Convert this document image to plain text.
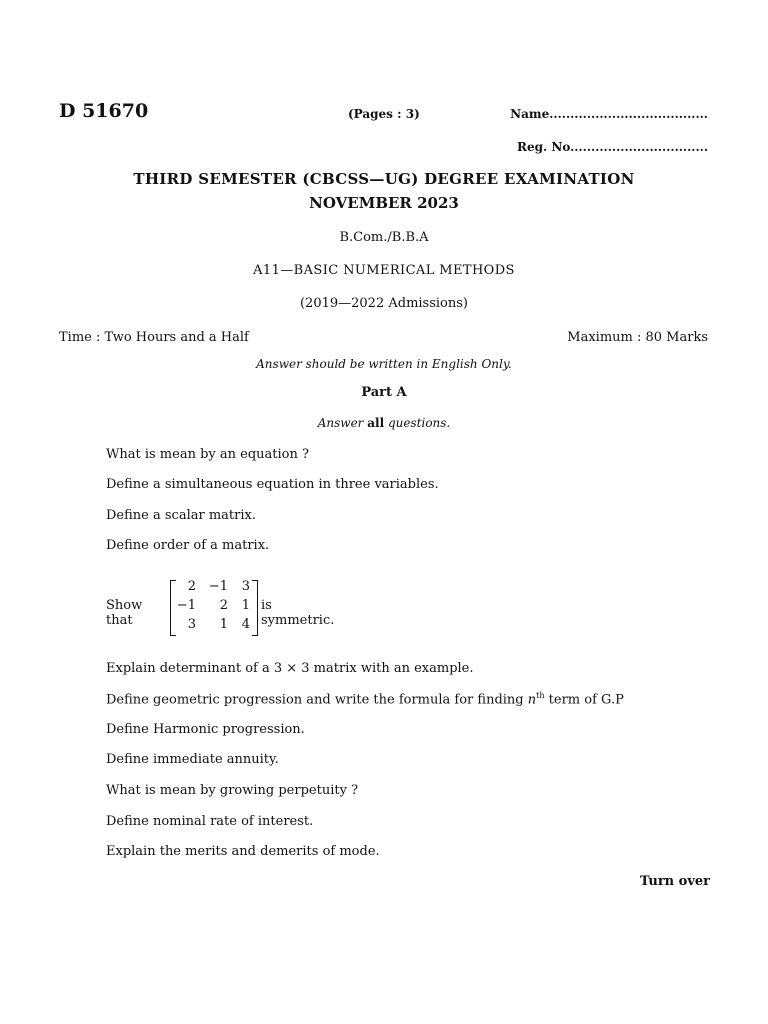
D 51670	(Pages : 3)	Name......................................
Reg. No.................................
THIRD SEMESTER (CBCSS—UG) DEGREE EXAMINATION
NOVEMBER 2023
B.Com./B.B.A
A11—BASIC NUMERICAL METHODS
(2019—2022 Admissions)
Time : Two Hours and a Half	Maximum : 80 Marks
Answer should be written in English Only.
Part A
Answer all questions.
What is mean by an equation ?
Define a simultaneous equation in three variables.
Define a scalar matrix.
Define order of a matrix.
Show that
2 −1	3
−1	2	1
3	1	4
is symmetric.
Explain determinant of a 3 × 3 matrix with an example.
Define geometric progression and write the formula for finding $n^{th}$ term of G.P
Define Harmonic progression.
Define immediate annuity.
What is mean by growing perpetuity ?
Define nominal rate of interest.
Explain the merits and demerits of mode.
Turn over
